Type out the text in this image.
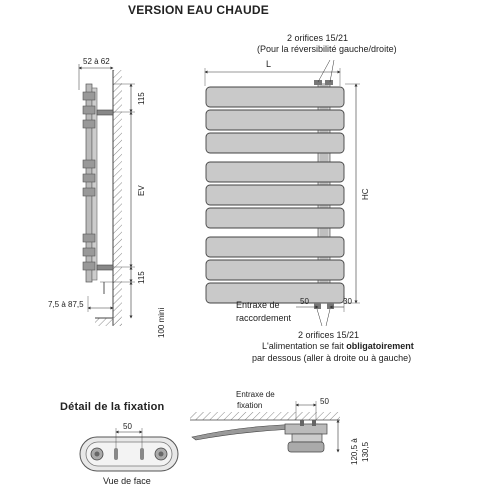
VERSION EAU CHAUDE
Détail de la fixation
2 orifices 15/21
(Pour la réversibilité gauche/droite)
52 à 62	L
115
EV
115
HC
100 mini
7,5 à 87,5	Entraxe de
raccordement
50	30
2 orifices 15/21
L'alimentation se fait obligatoirement
par dessous (aller à droite ou à gauche)
50
Vue de face
Entraxe de
fixation	50
120,5 à 130,5
